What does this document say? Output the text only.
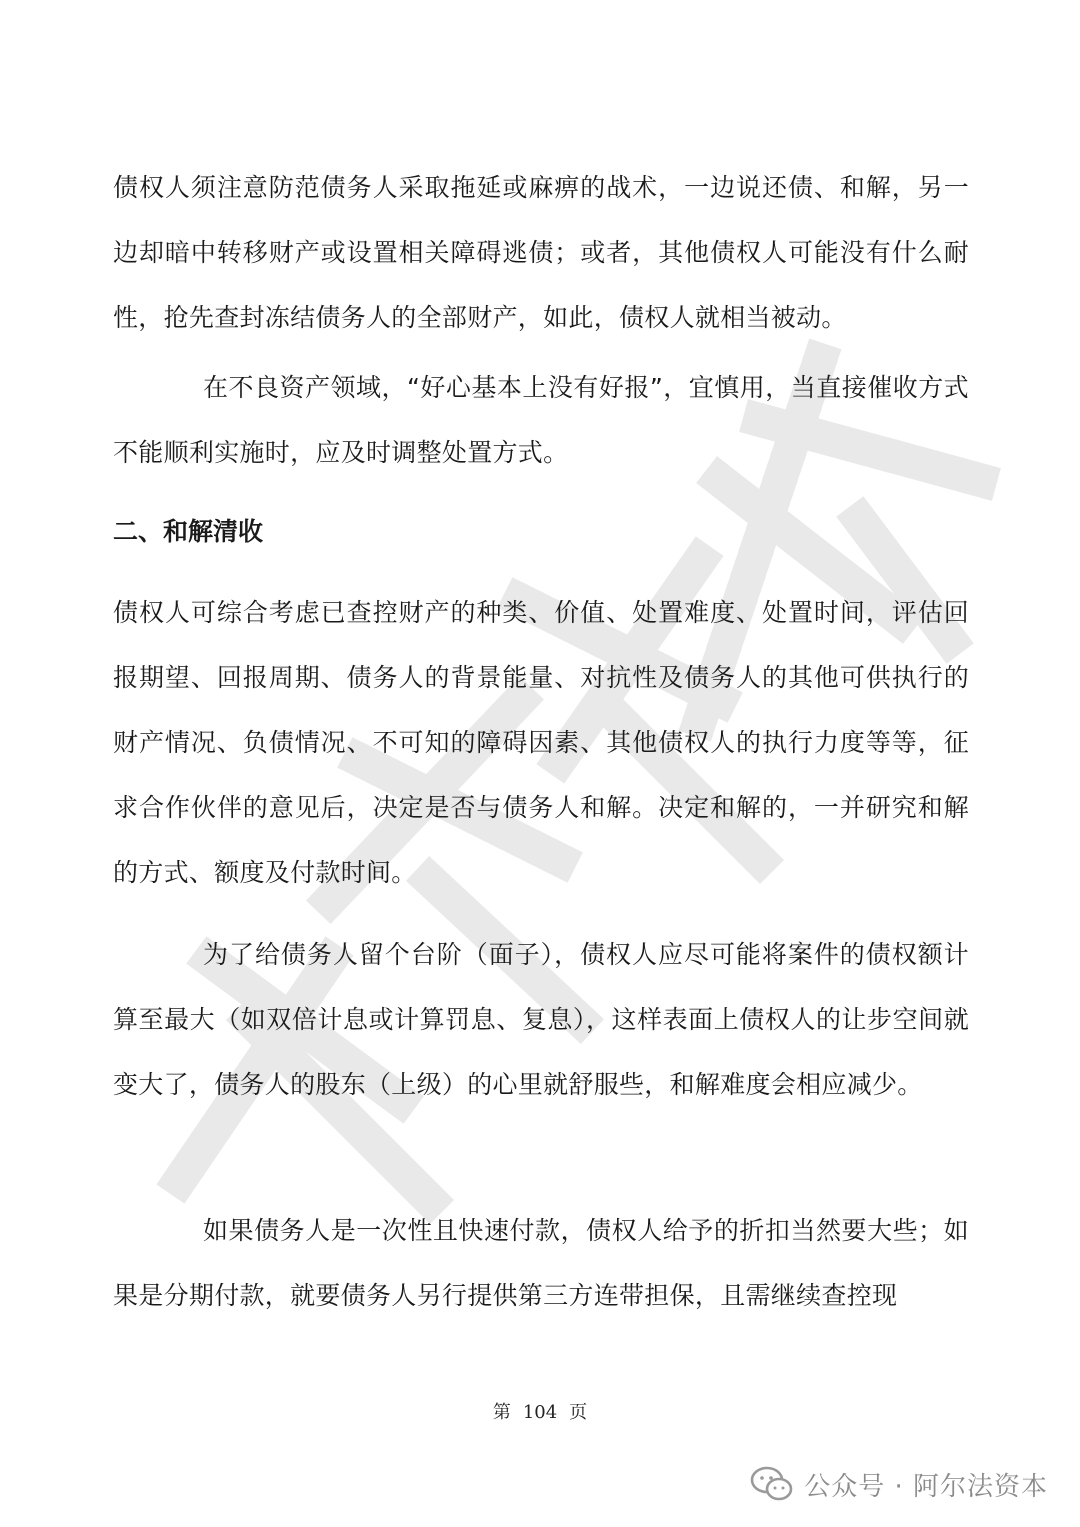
债权人须注意防范债务人采取拖延或麻痹的战术，一边说还债、和解，另一边却暗中转移财产或设置相关障碍逃债；或者，其他债权人可能没有什么耐性，抢先查封冻结债务人的全部财产，如此，债权人就相当被动。

在不良资产领域，“好心基本上没有好报”，宜慎用，当直接催收方式不能顺利实施时，应及时调整处置方式。

二、和解清收

债权人可综合考虑已查控财产的种类、价值、处置难度、处置时间，评估回报期望、回报周期、债务人的背景能量、对抗性及债务人的其他可供执行的财产情况、负债情况、不可知的障碍因素、其他债权人的执行力度等等，征求合作伙伴的意见后，决定是否与债务人和解。决定和解的，一并研究和解的方式、额度及付款时间。

为了给债务人留个台阶（面子），债权人应尽可能将案件的债权额计算至最大（如双倍计息或计算罚息、复息），这样表面上债权人的让步空间就变大了，债务人的股东（上级）的心里就舒服些，和解难度会相应减少。

如果债务人是一次性且快速付款，债权人给予的折扣当然要大些；如果是分期付款，就要债务人另行提供第三方连带担保，且需继续查控现

第 104 页
公众号 · 阿尔法资本
